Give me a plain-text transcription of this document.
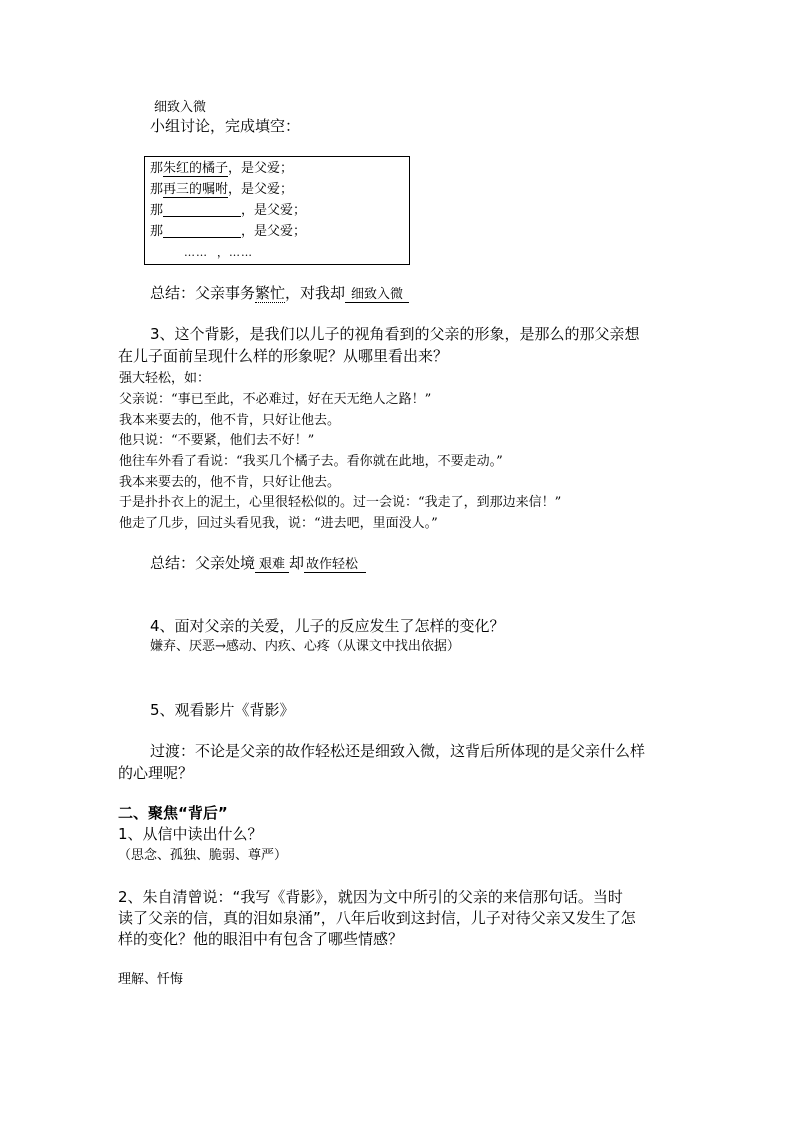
细致入微
小组讨论，完成填空：
那朱红的橘子，是父爱；
那再三的嘱咐，是父爱；
那	，是父爱；
那	，是父爱；
……  ，……
总结：父亲事务繁忙，对我却 细致入微
3、这个背影，是我们以儿子的视角看到的父亲的形象，是那么的那父亲想
在儿子面前呈现什么样的形象呢？从哪里看出来？
强大轻松，如：
父亲说：“事已至此，不必难过，好在天无绝人之路！”
我本来要去的，他不肯，只好让他去。
他只说：“不要紧，他们去不好！”
他往车外看了看说：“我买几个橘子去。看你就在此地，不要走动。”
我本来要去的，他不肯，只好让他去。
于是扑扑衣上的泥土，心里很轻松似的。过一会说：“我走了，到那边来信！”
他走了几步，回过头看见我，说：“进去吧，里面没人。”
总结：父亲处境 艰难 却 故作轻松
4、面对父亲的关爱，儿子的反应发生了怎样的变化？
嫌弃、厌恶→感动、内疚、心疼（从课文中找出依据）
5、观看影片《背影》
过渡：不论是父亲的故作轻松还是细致入微，这背后所体现的是父亲什么样
的心理呢？
二、聚焦“背后”
1、从信中读出什么？
（思念、孤独、脆弱、尊严）
2、朱自清曾说：“我写《背影》，就因为文中所引的父亲的来信那句话。当时
读了父亲的信，真的泪如泉涌”，八年后收到这封信，儿子对待父亲又发生了怎
样的变化？他的眼泪中有包含了哪些情感？
理解、忏悔
